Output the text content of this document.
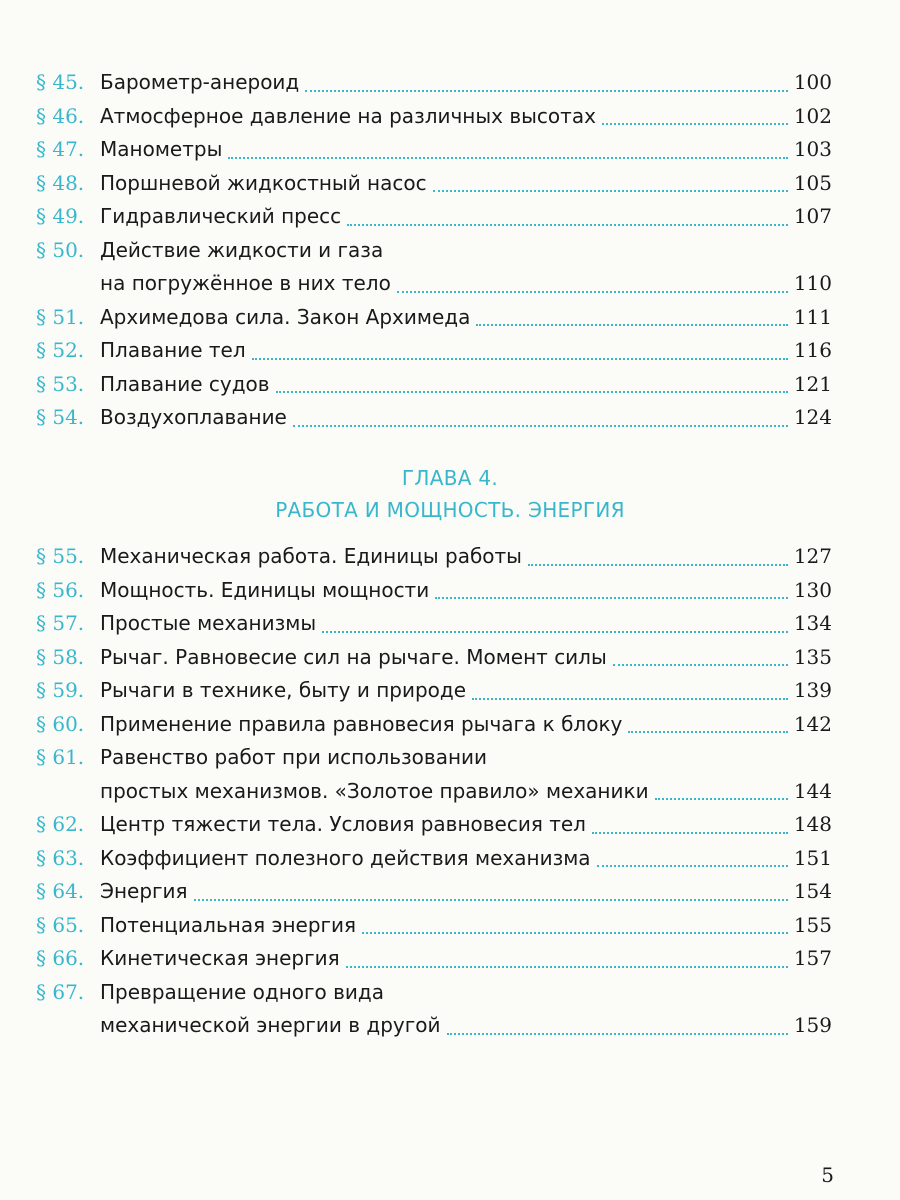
§ 45. Барометр-анероид	100
§ 46. Атмосферное давление на различных высотах	102
§ 47. Манометры	103
§ 48. Поршневой жидкостный насос	105
§ 49. Гидравлический пресс	107
§ 50. Действие жидкости и газа
на погружённое в них тело	110
§ 51. Архимедова сила. Закон Архимеда	111
§ 52. Плавание тел	116
§ 53. Плавание судов	121
§ 54. Воздухоплавание	124
ГЛАВА 4.
РАБОТА И МОЩНОСТЬ. ЭНЕРГИЯ
§ 55. Механическая работа. Единицы работы	127
§ 56. Мощность. Единицы мощности	130
§ 57. Простые механизмы	134
§ 58. Рычаг. Равновесие сил на рычаге. Момент силы	135
§ 59. Рычаги в технике, быту и природе	139
§ 60. Применение правила равновесия рычага к блоку	142
§ 61. Равенство работ при использовании
простых механизмов. «Золотое правило» механики	144
§ 62. Центр тяжести тела. Условия равновесия тел	148
§ 63. Коэффициент полезного действия механизма	151
§ 64. Энергия	154
§ 65. Потенциальная энергия	155
§ 66. Кинетическая энергия	157
§ 67. Превращение одного вида
механической энергии в другой	159
5
